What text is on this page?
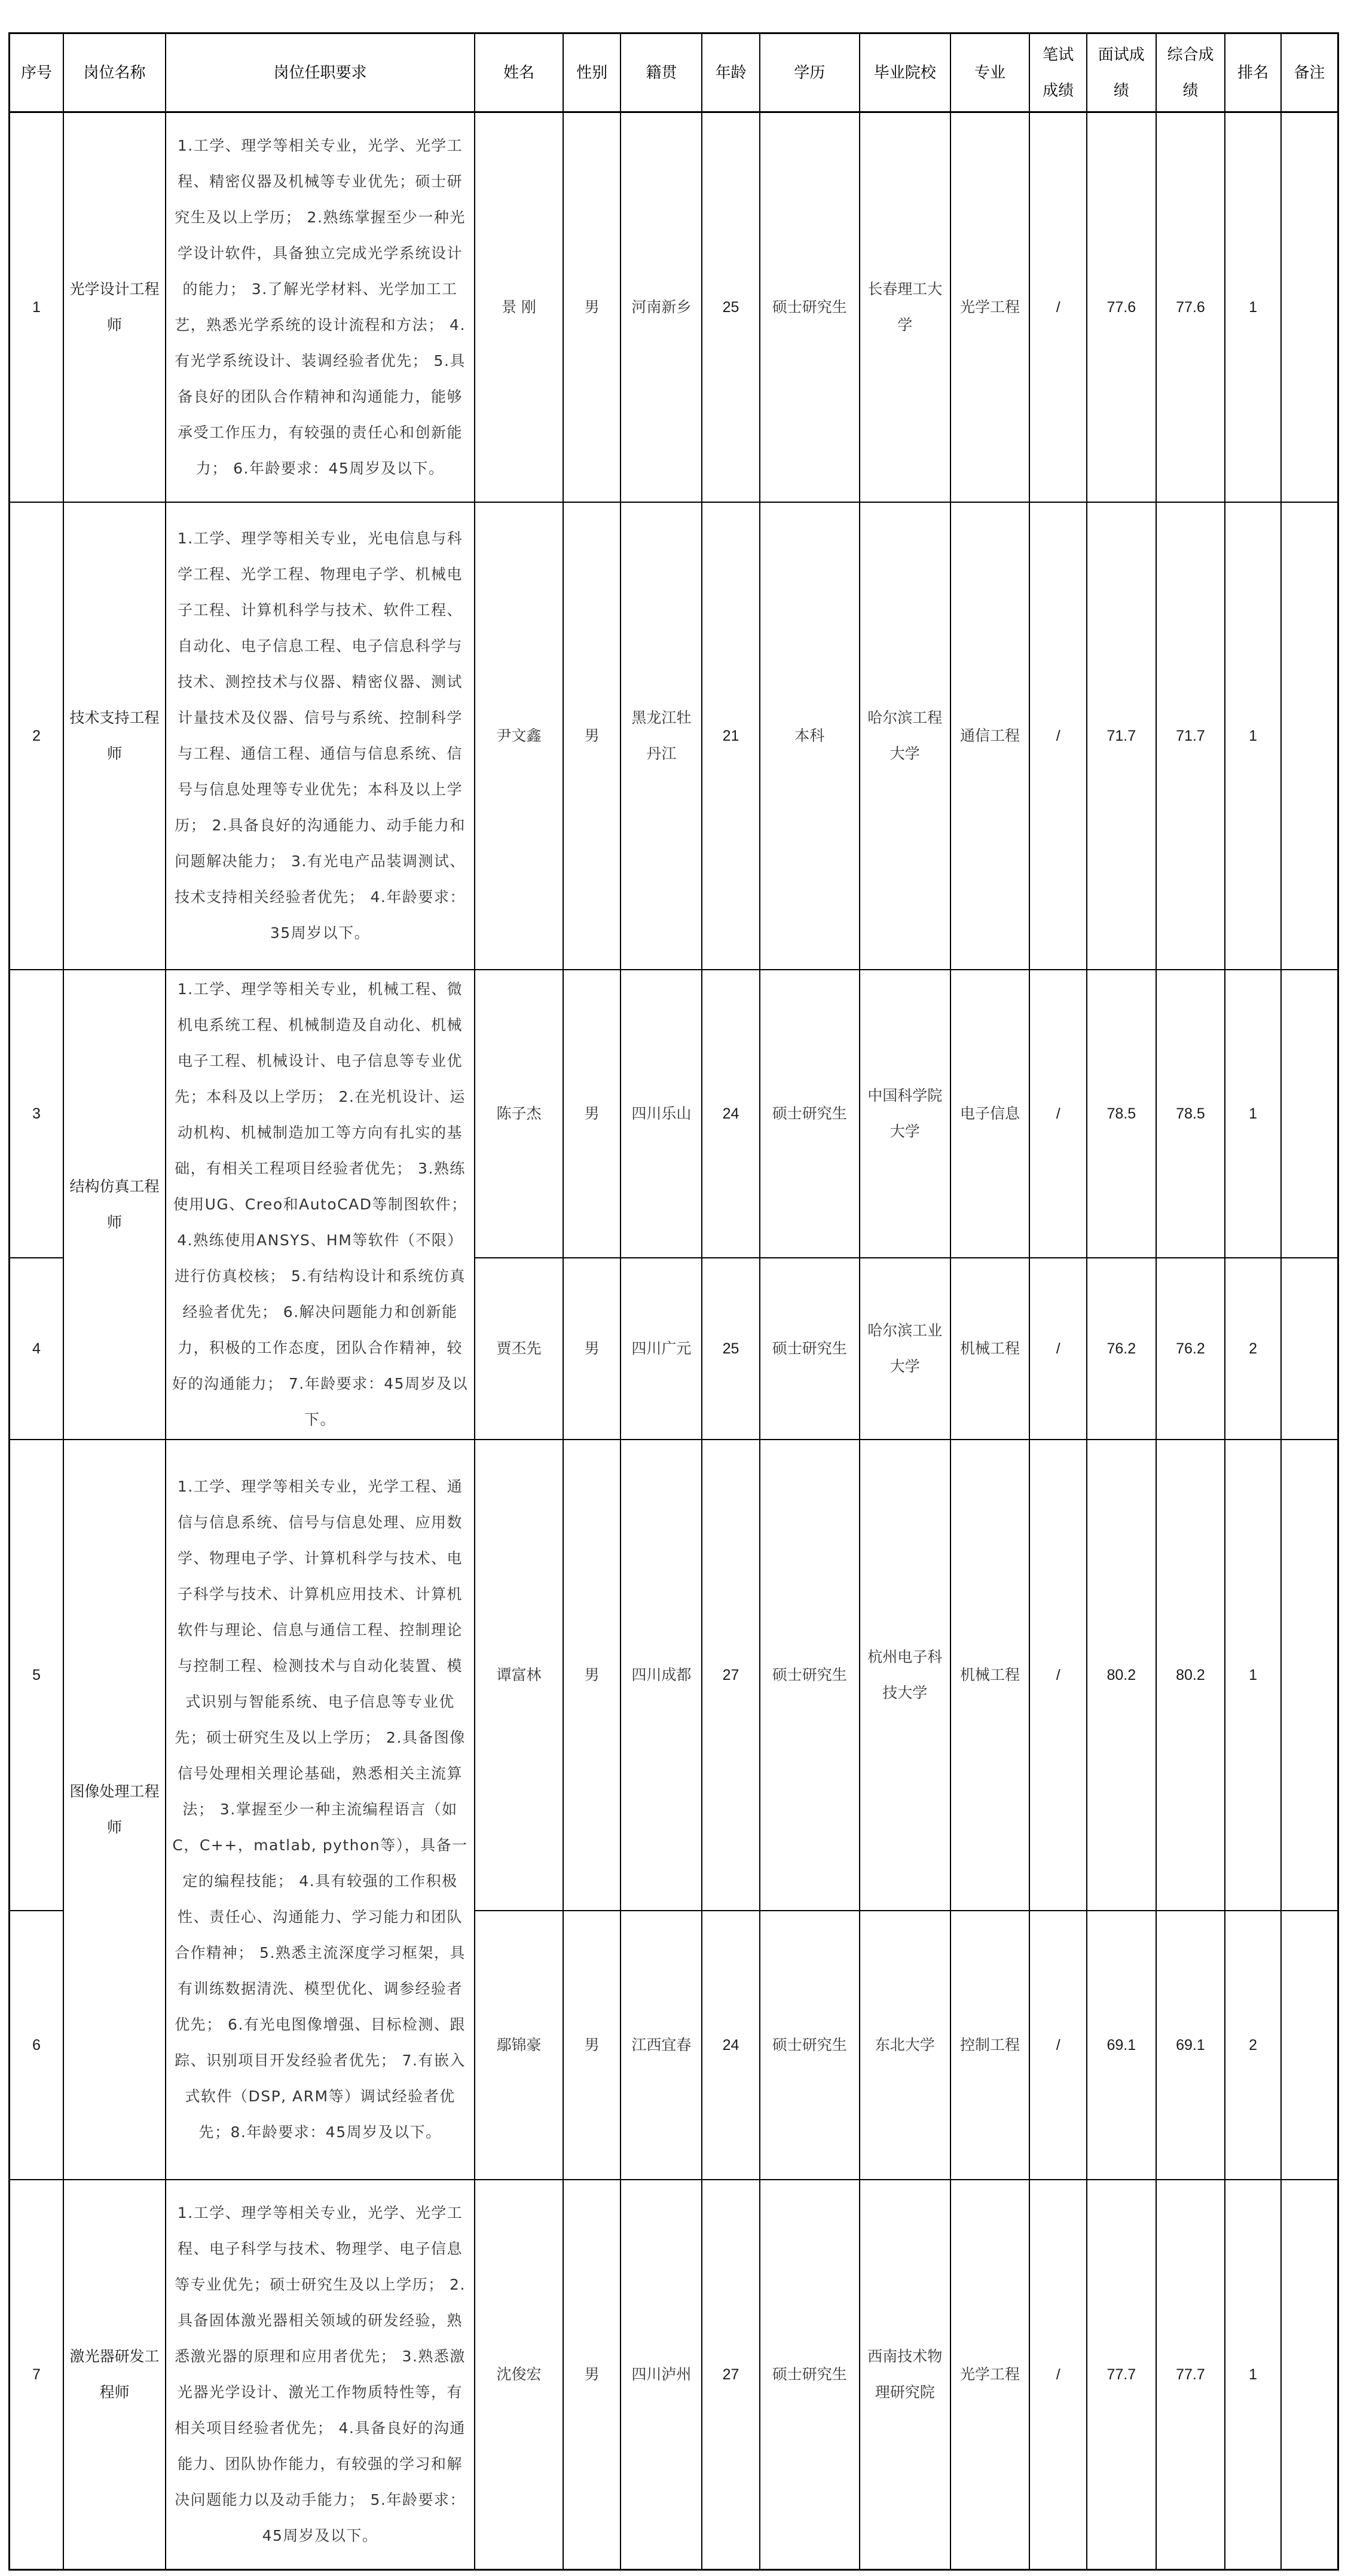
序号	岗位名称	岗位任职要求	姓名	性别	籍贯	年龄	学历	毕业院校	专业	笔试成绩	面试成绩	综合成绩	排名	备注
1	光学设计工程师	1.工学、理学等相关专业，光学、光学工程、精密仪器及机械等专业优先；硕士研究生及以上学历； 2.熟练掌握至少一种光学设计软件，具备独立完成光学系统设计的能力； 3.了解光学材料、光学加工工艺，熟悉光学系统的设计流程和方法； 4.有光学系统设计、装调经验者优先； 5.具备良好的团队合作精神和沟通能力，能够承受工作压力，有较强的责任心和创新能力； 6.年龄要求：45周岁及以下。	景 刚	男	河南新乡	25	硕士研究生	长春理工大学	光学工程	/	77.6	77.6	1	
2	技术支持工程师	1.工学、理学等相关专业，光电信息与科学工程、光学工程、物理电子学、机械电子工程、计算机科学与技术、软件工程、自动化、电子信息工程、电子信息科学与技术、测控技术与仪器、精密仪器、测试计量技术及仪器、信号与系统、控制科学与工程、通信工程、通信与信息系统、信号与信息处理等专业优先；本科及以上学历； 2.具备良好的沟通能力、动手能力和问题解决能力； 3.有光电产品装调测试、技术支持相关经验者优先； 4.年龄要求：35周岁以下。	尹文鑫	男	黑龙江牡丹江	21	本科	哈尔滨工程大学	通信工程	/	71.7	71.7	1	
3	结构仿真工程师	1.工学、理学等相关专业，机械工程、微机电系统工程、机械制造及自动化、机械电子工程、机械设计、电子信息等专业优先；本科及以上学历； 2.在光机设计、运动机构、机械制造加工等方向有扎实的基础，有相关工程项目经验者优先； 3.熟练使用UG、Creo和AutoCAD等制图软件； 4.熟练使用ANSYS、HM等软件（不限）进行仿真校核； 5.有结构设计和系统仿真经验者优先； 6.解决问题能力和创新能力，积极的工作态度，团队合作精神，较好的沟通能力； 7.年龄要求：45周岁及以下。	陈子杰	男	四川乐山	24	硕士研究生	中国科学院大学	电子信息	/	78.5	78.5	1	
4			贾丕先	男	四川广元	25	硕士研究生	哈尔滨工业大学	机械工程	/	76.2	76.2	2	
5	图像处理工程师	1.工学、理学等相关专业，光学工程、通信与信息系统、信号与信息处理、应用数学、物理电子学、计算机科学与技术、电子科学与技术、计算机应用技术、计算机软件与理论、信息与通信工程、控制理论与控制工程、检测技术与自动化装置、模式识别与智能系统、电子信息等专业优先；硕士研究生及以上学历； 2.具备图像信号处理相关理论基础，熟悉相关主流算法； 3.掌握至少一种主流编程语言（如C，C++，matlab, python等），具备一定的编程技能； 4.具有较强的工作积极性、责任心、沟通能力、学习能力和团队合作精神； 5.熟悉主流深度学习框架，具有训练数据清洗、模型优化、调参经验者优先； 6.有光电图像增强、目标检测、跟踪、识别项目开发经验者优先； 7.有嵌入式软件（DSP, ARM等）调试经验者优先；8.年龄要求：45周岁及以下。	谭富林	男	四川成都	27	硕士研究生	杭州电子科技大学	机械工程	/	80.2	80.2	1	
6			鄢锦豪	男	江西宜春	24	硕士研究生	东北大学	控制工程	/	69.1	69.1	2	
7	激光器研发工程师	1.工学、理学等相关专业，光学、光学工程、电子科学与技术、物理学、电子信息等专业优先；硕士研究生及以上学历； 2.具备固体激光器相关领域的研发经验，熟悉激光器的原理和应用者优先； 3.熟悉激光器光学设计、激光工作物质特性等，有相关项目经验者优先； 4.具备良好的沟通能力、团队协作能力，有较强的学习和解决问题能力以及动手能力； 5.年龄要求：45周岁及以下。	沈俊宏	男	四川泸州	27	硕士研究生	西南技术物理研究院	光学工程	/	77.7	77.7	1	
